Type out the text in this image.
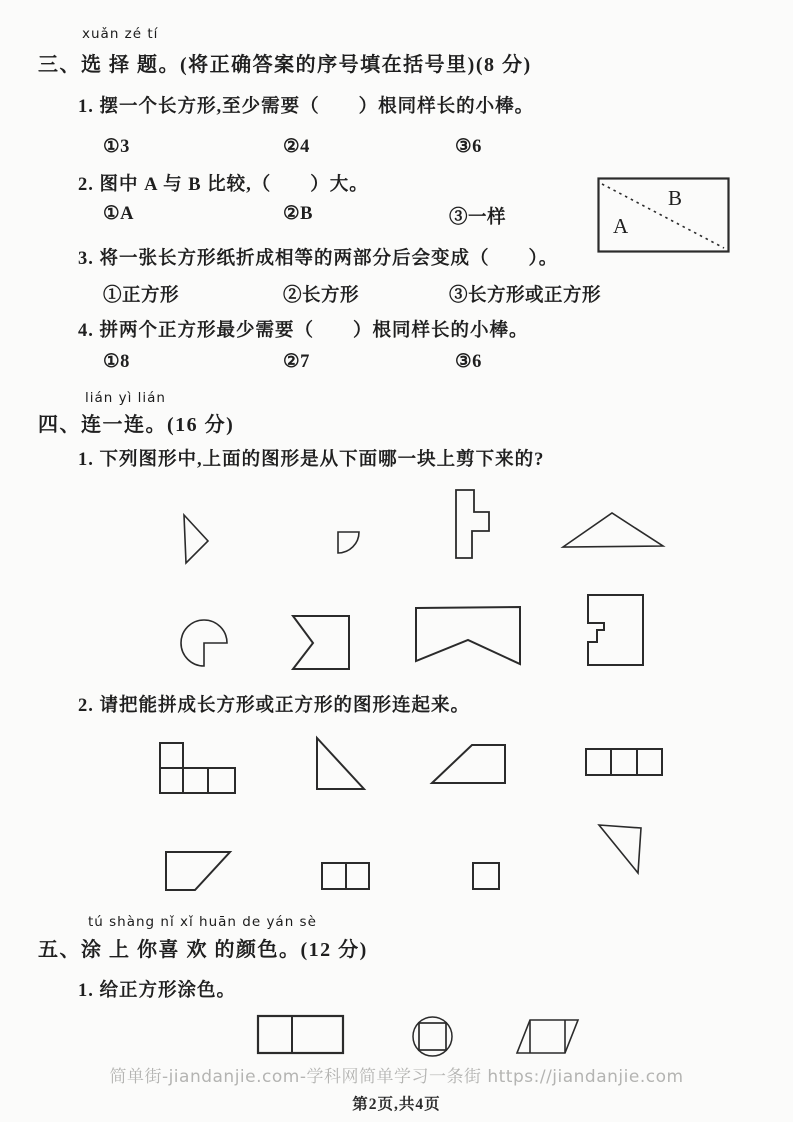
xuǎn zé tí
三、选 择 题。(将正确答案的序号填在括号里)(8 分)
1. 摆一个长方形,至少需要（　　）根同样长的小棒。
①3	②4	③6
2. 图中 A 与 B 比较,（　　）大。
①A	②B	③一样
3. 将一张长方形纸折成相等的两部分后会变成（　　）。
①正方形	②长方形	③长方形或正方形
4. 拼两个正方形最少需要（　　）根同样长的小棒。
①8	②7	③6
lián yì lián
四、连一连。(16 分)
1. 下列图形中,上面的图形是从下面哪一块上剪下来的?
2. 请把能拼成长方形或正方形的图形连起来。
tú shàng nǐ xǐ huān de yán sè
五、涂 上 你喜 欢 的颜色。(12 分)
1. 给正方形涂色。
简单街-jiandanjie.com-学科网简单学习一条街 https://jiandanjie.com
第2页,共4页
B
A
